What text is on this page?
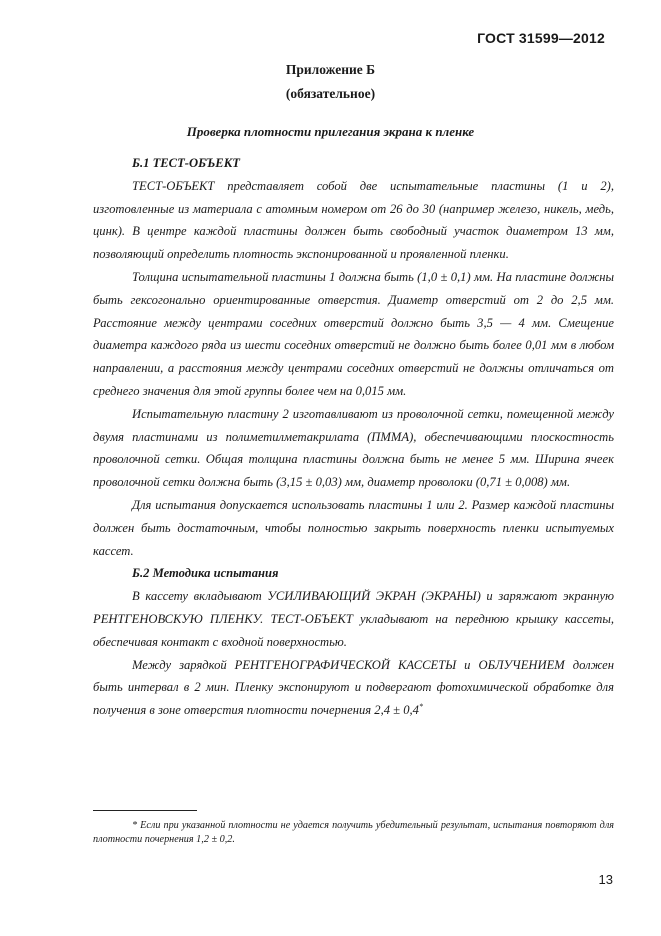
ГОСТ 31599—2012
Приложение Б
(обязательное)
Проверка плотности прилегания экрана к пленке

Б.1 ТЕСТ-ОБЪЕКТ

ТЕСТ-ОБЪЕКТ представляет собой две испытательные пластины (1 и 2), изготовленные из материала с атомным номером от 26 до 30 (например железо, никель, медь, цинк). В центре каждой пластины должен быть свободный участок диаметром 13 мм, позволяющий определить плотность экспонированной и проявленной пленки.

Толщина испытательной пластины 1 должна быть (1,0 ± 0,1) мм. На пластине должны быть гексогонально ориентированные отверстия. Диаметр отверстий от 2 до 2,5 мм. Расстояние между центрами соседних отверстий должно быть 3,5 — 4 мм. Смещение диаметра каждого ряда из шести соседних отверстий не должно быть более 0,01 мм в любом направлении, а расстояния между центрами соседних отверстий не должны отличаться от среднего значения для этой группы более чем на 0,015 мм.

Испытательную пластину 2 изготавливают из проволочной сетки, помещенной между двумя пластинами из полиметилметакрилата (ПММА), обеспечивающими плоскостность проволочной сетки. Общая толщина пластины должна быть не менее 5 мм. Ширина ячеек проволочной сетки должна быть (3,15 ± 0,03) мм, диаметр проволоки (0,71 ± 0,008) мм.

Для испытания допускается использовать пластины 1 или 2. Размер каждой пластины должен быть достаточным, чтобы полностью закрыть поверхность пленки испытуемых кассет.

Б.2 Методика испытания

В кассету вкладывают УСИЛИВАЮЩИЙ ЭКРАН (ЭКРАНЫ) и заряжают экранную РЕНТГЕНОВСКУЮ ПЛЕНКУ. ТЕСТ-ОБЪЕКТ укладывают на переднюю крышку кассеты, обеспечивая контакт с входной поверхностью.

Между зарядкой РЕНТГЕНОГРАФИЧЕСКОЙ КАССЕТЫ и ОБЛУЧЕНИЕМ должен быть интервал в 2 мин. Пленку экспонируют и подвергают фотохимической обработке для получения в зоне отверстия плотности почернения 2,4 ± 0,4*

* Если при указанной плотности не удается получить убедительный результат, испытания повторяют для плотности почернения 1,2 ± 0,2.
13
